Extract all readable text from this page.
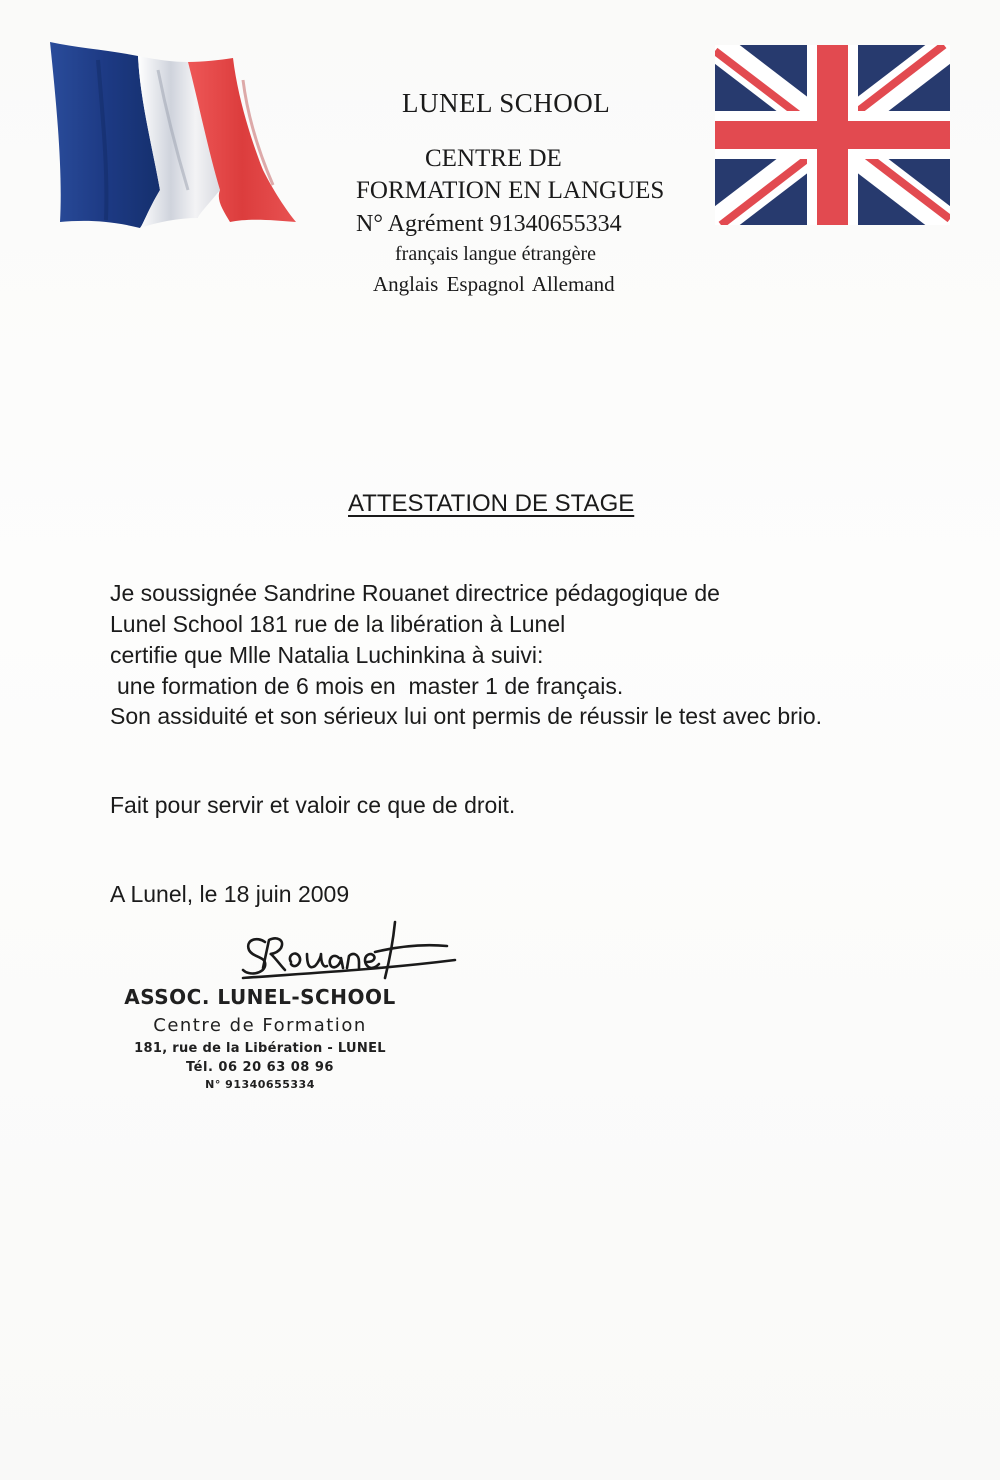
LUNEL SCHOOL
CENTRE DE
FORMATION EN LANGUES
N° Agrément 91340655334
français langue étrangère
Anglais Espagnol Allemand
ATTESTATION DE STAGE
Je soussignée Sandrine Rouanet directrice pédagogique de
Lunel School 181 rue de la libération à Lunel
certifie que Mlle Natalia Luchinkina à suivi:
une formation de 6 mois en  master 1 de français.
Son assiduité et son sérieux lui ont permis de réussir le test avec brio.
Fait pour servir et valoir ce que de droit.
A Lunel, le 18 juin 2009
ASSOC. LUNEL-SCHOOL
Centre de Formation
181, rue de la Libération - LUNEL
Tél. 06 20 63 08 96
N° 91340655334
